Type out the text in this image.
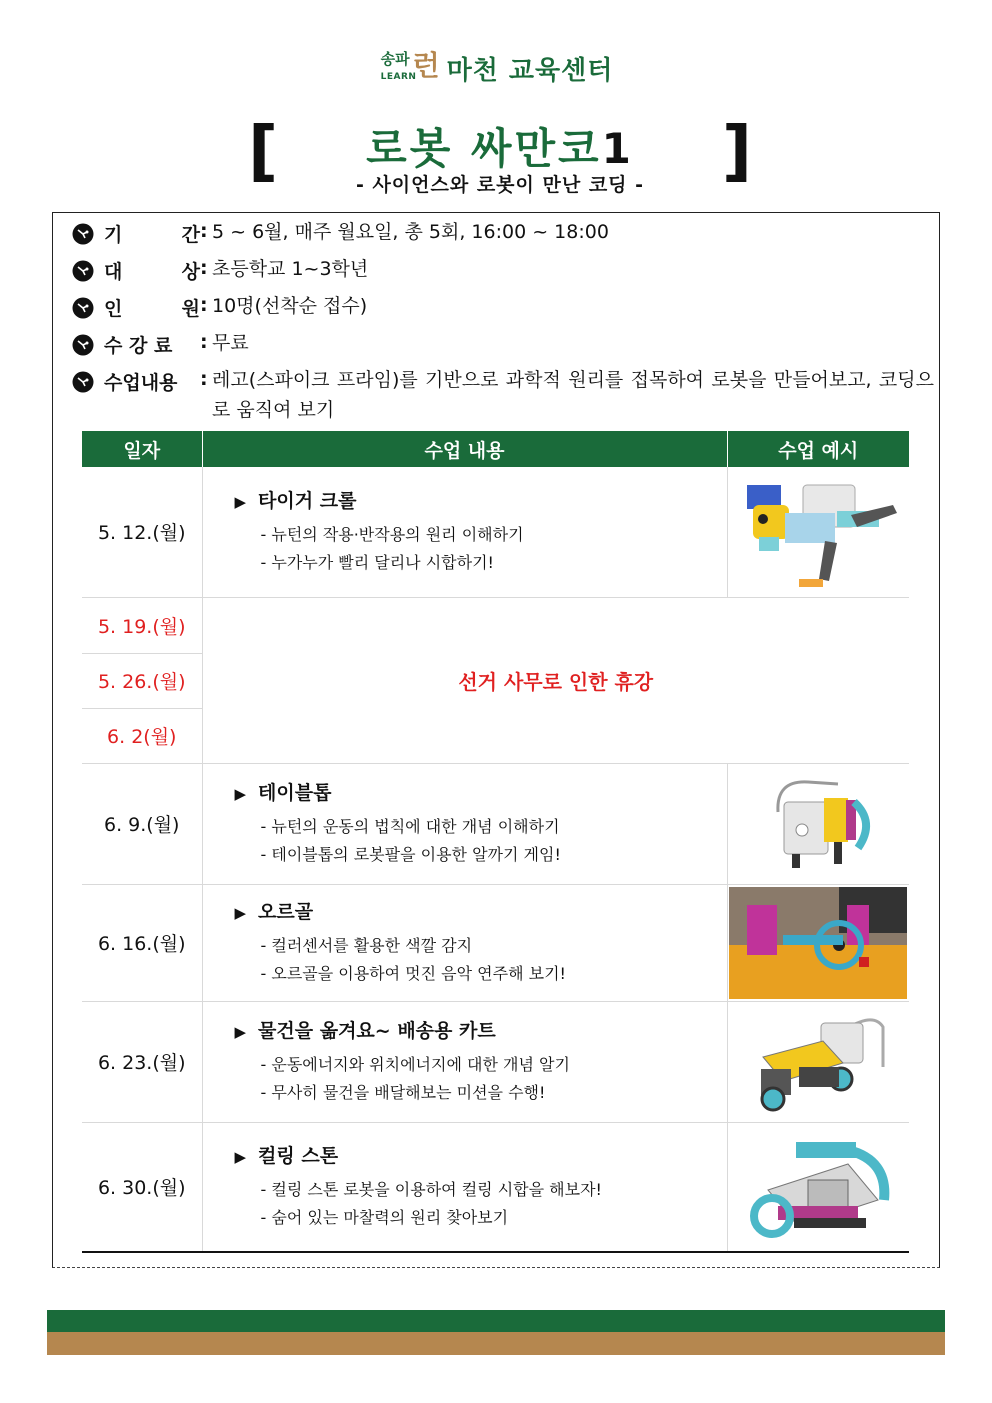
송파
LEARN
런 마천 교육센터
[	로봇 싸만코1	]
- 사이언스와 로봇이 만난 코딩 -
기	간 : 5 ~ 6월, 매주 월요일, 총 5회, 16:00 ~ 18:00
대	상 : 초등학교 1~3학년
인	원 : 10명(선착순 접수)
수 강 료	: 무료
수업내용	: 레고(스파이크 프라임)를 기반으로 과학적 원리를 접목하여 로봇을 만들어보고, 코딩으로 움직여 보기
일자	수업 내용	수업 예시
5. 12.(월)	▶ 타이거 크롤
- 뉴턴의 작용·반작용의 원리 이해하기
- 누가누가 빨리 달리나 시합하기!

5. 19.(월)	선거 사무로 인한 휴강	
5. 26.(월)		
6. 2(월)		
6. 9.(월)	▶ 테이블톱
- 뉴턴의 운동의 법칙에 대한 개념 이해하기
- 테이블톱의 로봇팔을 이용한 알까기 게임!

6. 16.(월)	▶ 오르골
- 컬러센서를 활용한 색깔 감지
- 오르골을 이용하여 멋진 음악 연주해 보기!

6. 23.(월)	▶ 물건을 옮겨요~ 배송용 카트
- 운동에너지와 위치에너지에 대한 개념 알기
- 무사히 물건을 배달해보는 미션을 수행!

6. 30.(월)	▶ 컬링 스톤
- 컬링 스톤 로봇을 이용하여 컬링 시합을 해보자!
- 숨어 있는 마찰력의 원리 찾아보기
